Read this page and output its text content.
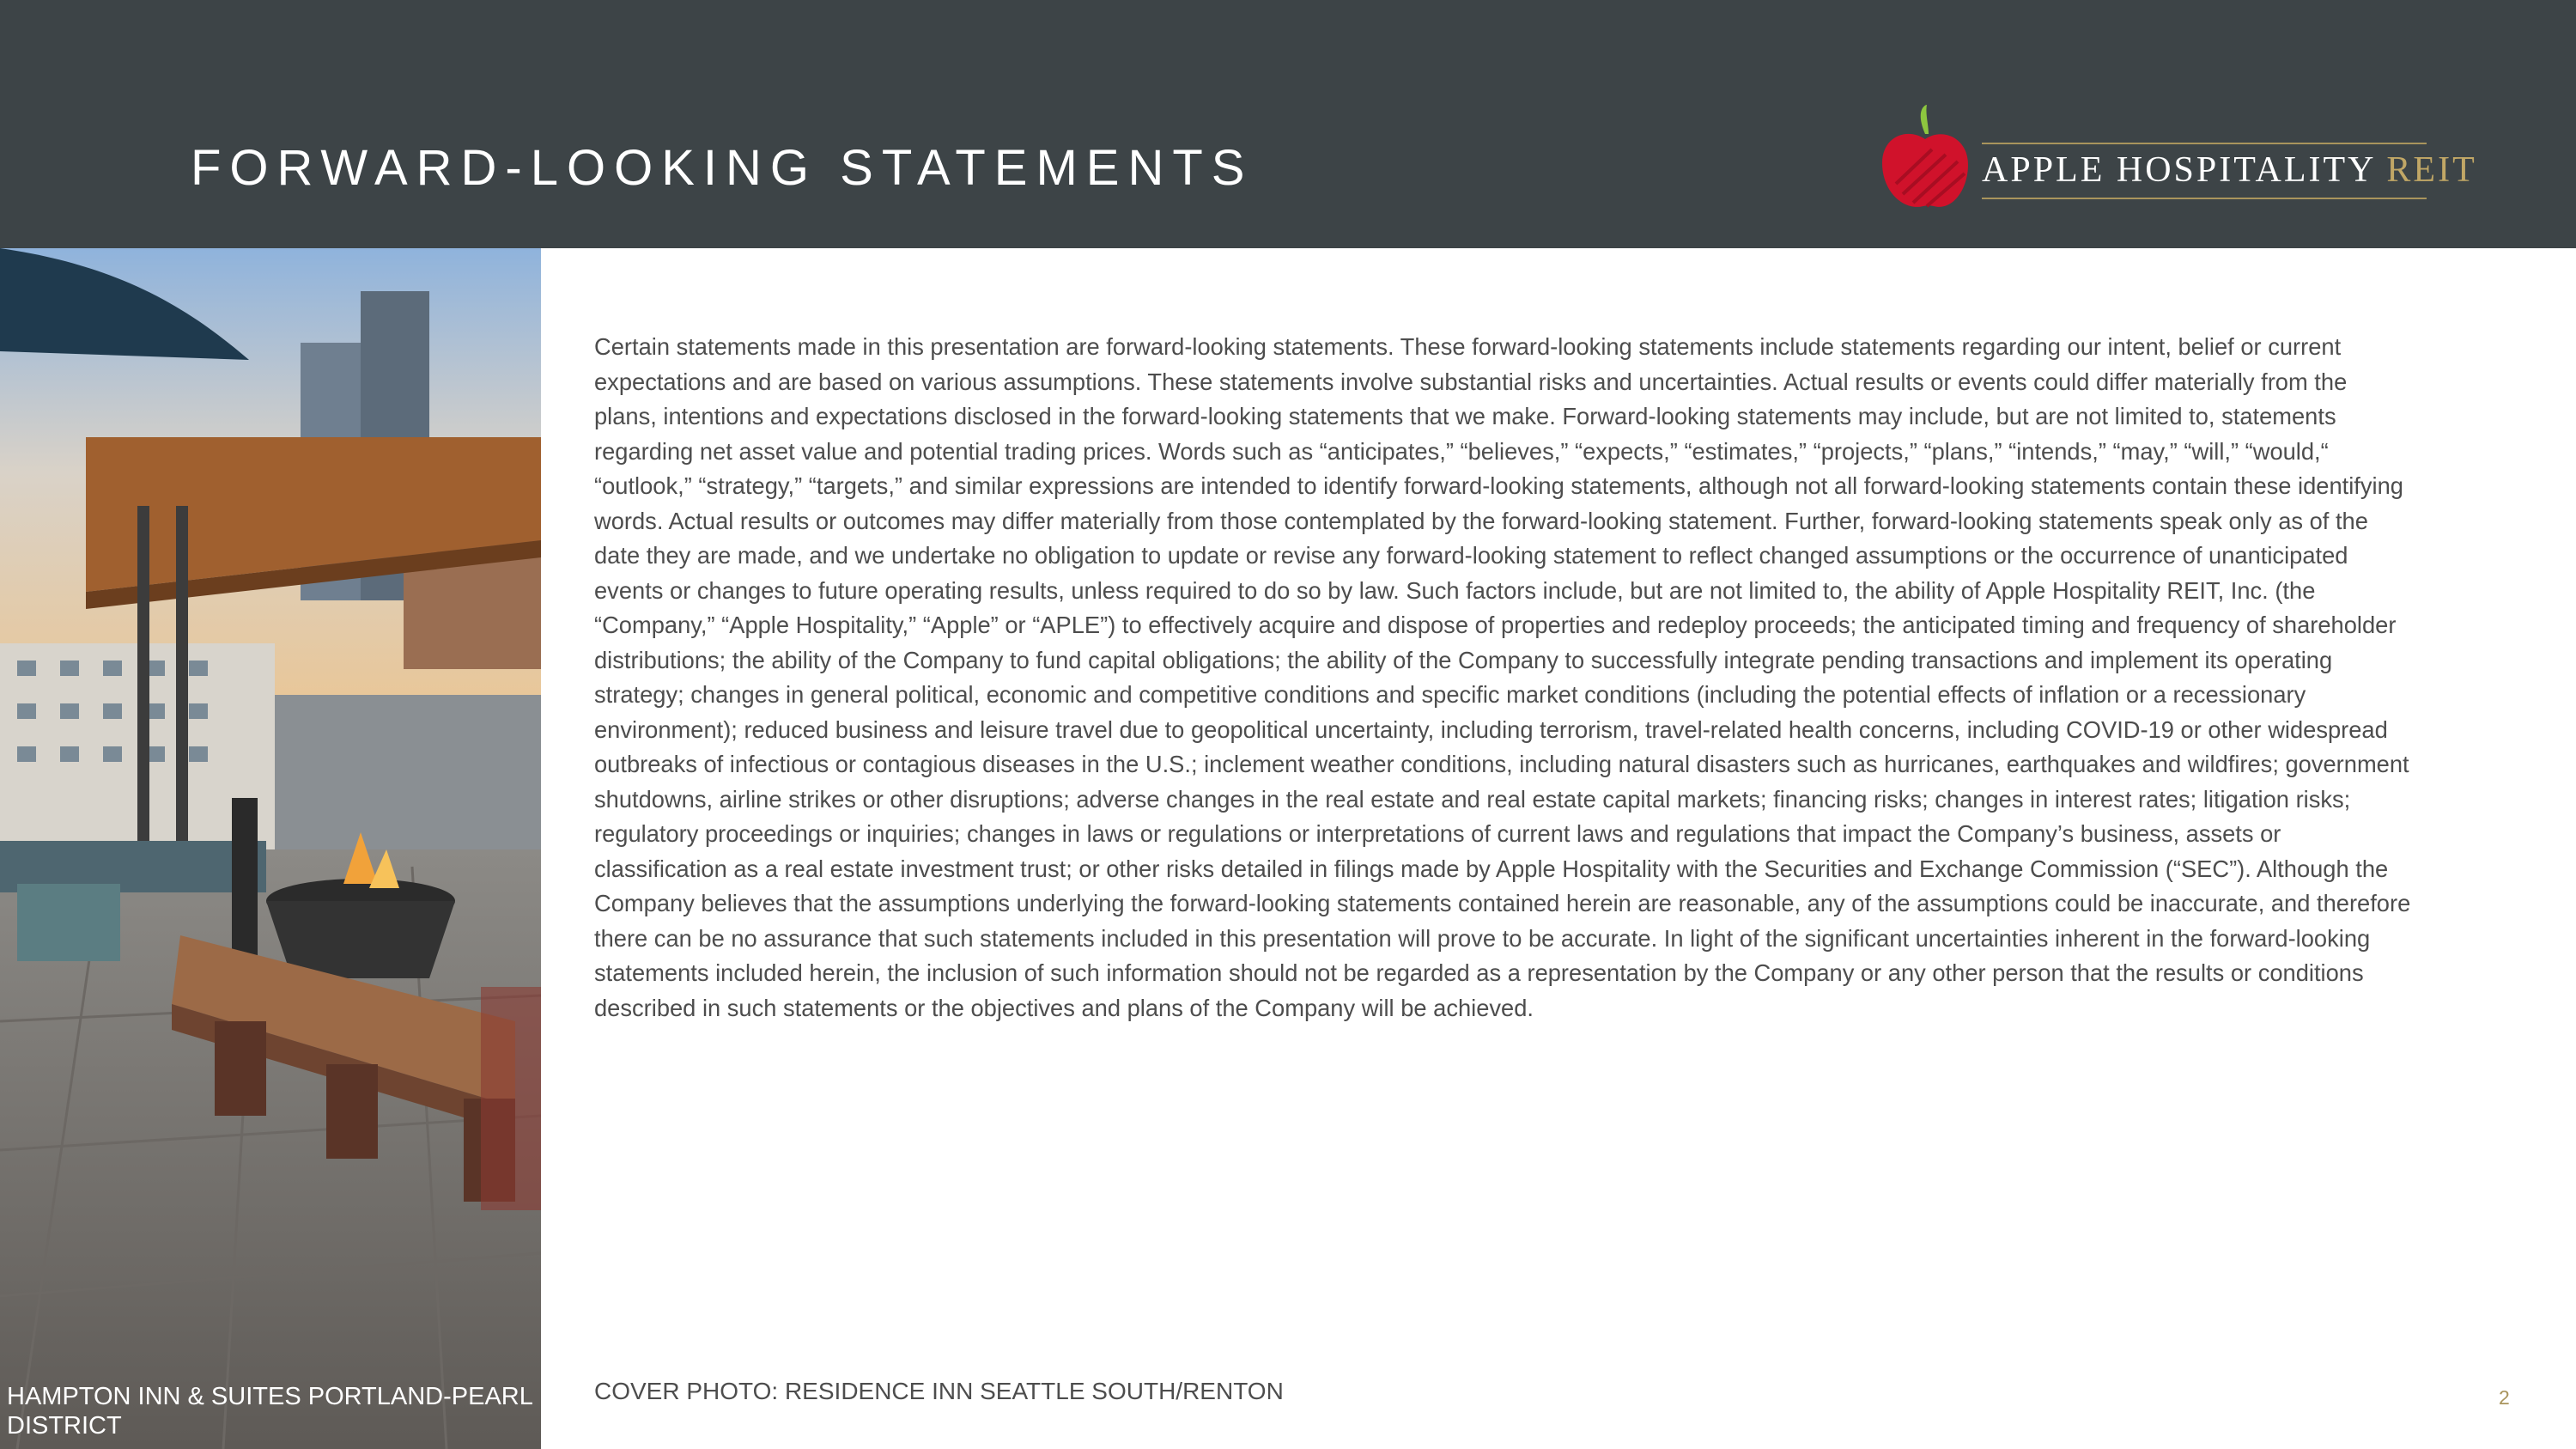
FORWARD-LOOKING STATEMENTS	APPLE HOSPITALITY REIT
HAMPTON INN & SUITES PORTLAND-PEARL DISTRICT

Certain statements made in this presentation are forward-looking statements. These forward-looking statements include statements regarding our intent, belief or current expectations and are based on various assumptions. These statements involve substantial risks and uncertainties. Actual results or events could differ materially from the plans, intentions and expectations disclosed in the forward-looking statements that we make. Forward-looking statements may include, but are not limited to, statements regarding net asset value and potential trading prices. Words such as “anticipates,” “believes,” “expects,” “estimates,” “projects,” “plans,” “intends,” “may,” “will,” “would,“ “outlook,” “strategy,” “targets,” and similar expressions are intended to identify forward-looking statements, although not all forward-looking statements contain these identifying words. Actual results or outcomes may differ materially from those contemplated by the forward-looking statement. Further, forward-looking statements speak only as of the date they are made, and we undertake no obligation to update or revise any forward-looking statement to reflect changed assumptions or the occurrence of unanticipated events or changes to future operating results, unless required to do so by law. Such factors include, but are not limited to, the ability of Apple Hospitality REIT, Inc. (the “Company,” “Apple Hospitality,” “Apple” or “APLE”) to effectively acquire and dispose of properties and redeploy proceeds; the anticipated timing and frequency of shareholder distributions; the ability of the Company to fund capital obligations; the ability of the Company to successfully integrate pending transactions and implement its operating strategy; changes in general political, economic and competitive conditions and specific market conditions (including the potential effects of inflation or a recessionary environment); reduced business and leisure travel due to geopolitical uncertainty, including terrorism, travel-related health concerns, including COVID-19 or other widespread outbreaks of infectious or contagious diseases in the U.S.; inclement weather conditions, including natural disasters such as hurricanes, earthquakes and wildfires; government shutdowns, airline strikes or other disruptions; adverse changes in the real estate and real estate capital markets; financing risks; changes in interest rates; litigation risks; regulatory proceedings or inquiries; changes in laws or regulations or interpretations of current laws and regulations that impact the Company’s business, assets or classification as a real estate investment trust; or other risks detailed in filings made by Apple Hospitality with the Securities and Exchange Commission (“SEC”). Although the Company believes that the assumptions underlying the forward-looking statements contained herein are reasonable, any of the assumptions could be inaccurate, and therefore there can be no assurance that such statements included in this presentation will prove to be accurate. In light of the significant uncertainties inherent in the forward-looking statements included herein, the inclusion of such information should not be regarded as a representation by the Company or any other person that the results or conditions described in such statements or the objectives and plans of the Company will be achieved.

COVER PHOTO: RESIDENCE INN SEATTLE SOUTH/RENTON	2
